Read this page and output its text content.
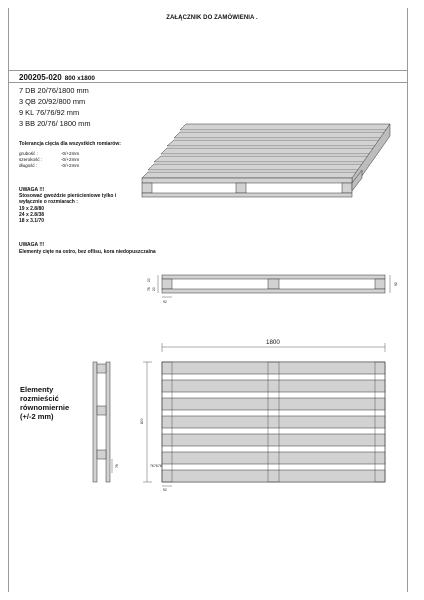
ZAŁĄCZNIK DO ZAMÓWIENIA .
200205-020 800 x1800
7 DB 20/76/1800 mm
3 QB 20/92/800 mm
9 KL 76/76/92 mm
3 BB 20/76/ 1800 mm
Tolerancja cięcia dla wszystkich romiarów:
grubość :	-0/+2mm
szerokość :	-0/+2mm
długość :	-0/+2mm
UWAGA !!!
Stosować gwoździe pierścieniowe tylko i
wyłącznie o rozmiarach :
19 x 2.8/80
24 x 2.8/38
18 x 3.1/70
UWAGA !!!
Elementy cięte na ostro, bez oflisu, kora niedopuszczalna
Elementy
rozmieścić
równomiernie
(+/-2 mm)
20
76 20
92
92
1800
800
76 76 76
92
76
